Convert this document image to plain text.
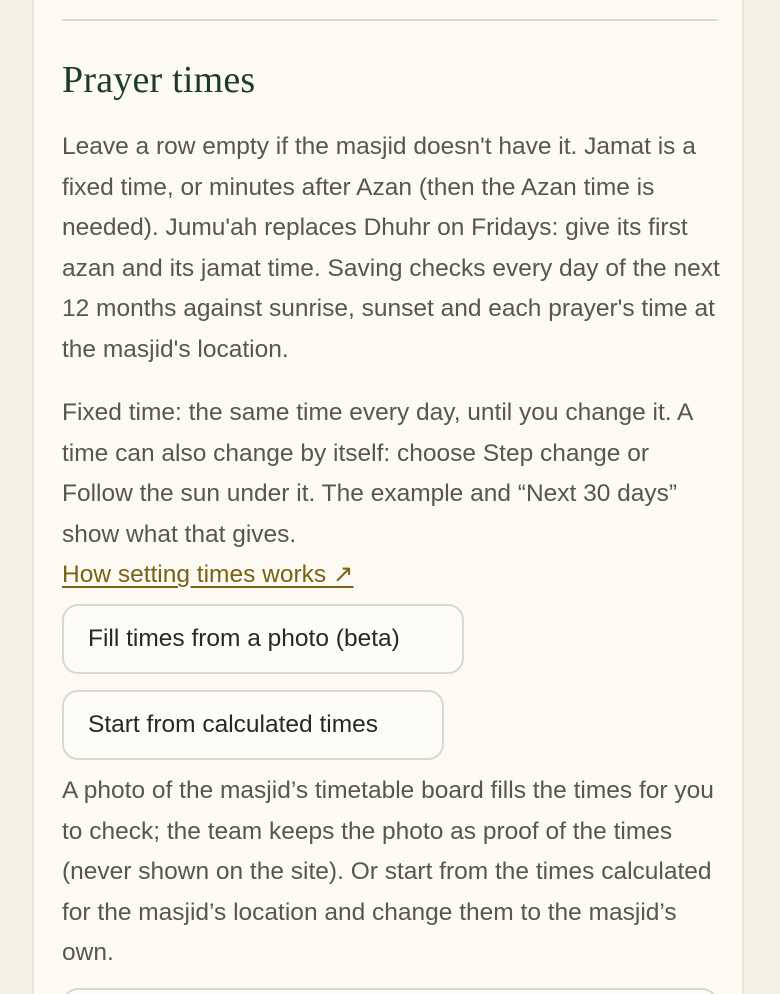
Prayer times

Leave a row empty if the masjid doesn't have it. Jamat is a fixed time, or minutes after Azan (then the Azan time is needed). Jumu'ah replaces Dhuhr on Fridays: give its first azan and its jamat time. Saving checks every day of the next 12 months against sunrise, sunset and each prayer's time at the masjid's location.

Fixed time: the same time every day, until you change it. A time can also change by itself: choose Step change or Follow the sun under it. The example and “Next 30 days” show what that gives.

How setting times works ↗
Fill times from a photo (beta)
Start from calculated times

A photo of the masjid’s timetable board fills the times for you to check; the team keeps the photo as proof of the times (never shown on the site). Or start from the times calculated for the masjid’s location and change them to the masjid’s own.
